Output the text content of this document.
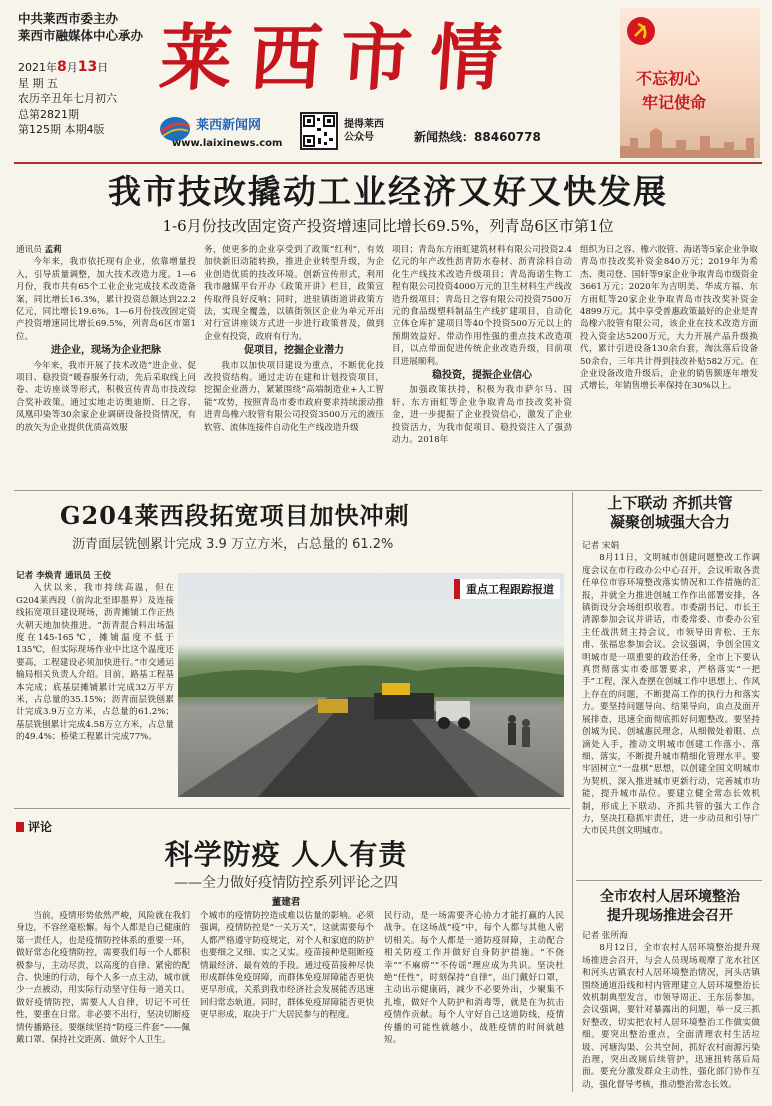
中共莱西市委主办
莱西市融媒体中心承办
2021年8月13日
星 期 五
农历辛丑年七月初六
总第2821期
第125期 本期4版
莱西市情
莱西新闻网
www.laixinews.com
提得莱西
公众号	新闻热线：88460778
不忘初心
牢记使命
我市技改撬动工业经济又好又快发展
1-6月份技改固定资产投资增速同比增长69.5%，列青岛6区市第1位
通讯员 孟莉
今年来，我市依托现有企业，依靠增量投入，引导质量调整，加大技术改造力度。1—6月份，我市共有65个工业企业完成技术改造备案，同比增长16.3%，累计投资总额达到22.2亿元，同比增长19.6%。1—6月份技改固定资产投资增速同比增长69.5%，列青岛6区市第1位。
进企业，现场为企业把脉
今年来，我市开展了技术改造“进企业、促项目、稳投资”暖春服务行动，先后采取线上问卷、走访座谈等形式，积极宣传青岛市技改综合奖补政策。通过实地走访奥迪斯、日之容、凤凰印染等30余家企业调研设备投资情况，有的放矢为企业提供优质高效服
务，使更多的企业享受到了政策“红利”，有效加快新旧动能转换，推进企业转型升级，为企业创造优质的技改环境。创新宣传形式，利用我市融媒平台开办《政策开讲》栏目，政策宣传取得良好反响；同时，进驻镇街道讲政策方法，实现全覆盖，以镇街领区企业为单元开出对行宣讲座谈方式进一步进行政策普及，做到企业有投资，政府有行为。
促项目，挖掘企业潜力
我市以加快项目建设为重点，不断优化技改投资结构。通过走访在建和计划投资项目，挖掘企业潜力，紧紧围绕“高端制造业+人工智能”攻势，按照青岛市委市政府要求持续滚动推进青岛橡六胶管有限公司投资3500万元的液压软管、流体连接件自动化生产线改造升级
项目；青岛东方雨虹建筑材料有限公司投资2.4亿元的年产改性沥青防水卷材、沥青涂料自动化生产线技术改造升级项目；青岛海诺生物工程有限公司投资4000万元的卫生材料生产线改造升级项目；青岛日之容有限公司投资7500万元的食品级塑料制品生产线扩建项目，自动化立体仓库扩建项目等40个投资500万元以上的预期效益好、带动作用性强的重点技术改造项目，以点带面促进传统企业改造升级，目前项目进展顺利。
稳投资，提振企业信心
加强政策扶持，积极为我市萨尔马、国轩、东方雨虹等企业争取青岛市技改奖补资金，进一步提振了企业投资信心，激发了企业投资活力，为我市促项目、稳投资注入了强劲动力。2018年
组织为日之容、橡六胶管、海诺等5家企业争取青岛市技改奖补资金840万元；2019年为希杰、奥司登、国轩等9家企业争取青岛市级资金3661万元；2020年为吉明美、华成方福、东方雨虹等20家企业争取青岛市技改奖补资金4899万元。其中享受普惠政策最好的企业是青岛橡六胶管有限公司，该企业在技术改造方面投入资金达5200万元，大力开展产品升级换代，累计引进设备130余台套，淘汰落后设备50余台，三年共计得到技改补贴582万元。在企业设备改造升级后，企业的销售额逐年增发式增长，年销售增长率保持在30%以上。
G204莱西段拓宽项目加快冲刺
沥青面层铣刨累计完成 3.9 万立方米，占总量的 61.2%
记者 李焕青 通讯员 王佼
入伏以来，我市持续高温，但在G204莱西段（前沟北至即墨界）及连接线拓宽项目建设现场，沥青摊铺工作正热火朝天地加快推进。“沥青混合料出场温度在145-165℃，摊铺温度不低于135℃，但实际现场作业中比这个温度还要高，工程建设必须加快进行。”市交通运输局相关负责人介绍。目前，路基工程基本完成；底基层摊铺累计完成32万平方米，占总量的35.15%；沥青面层铣刨累计完成3.9万立方米，占总量的61.2%；基层铣刨累计完成4.58万立方米，占总量的49.4%；桥梁工程累计完成77%。
重点工程跟踪报道
上下联动 齐抓共管
凝聚创城强大合力
记者 宋娟
8月11日，文明城市创建问题整改工作调度会议在市行政办公中心召开，会议听取各责任单位市容环境整改落实情况和工作措施的汇报，并就全力推进创城工作作出部署安排，各镇街设分会场组织收看。市委副书记、市长王清源参加会议并讲话，市委常委、市委办公室主任战洪贤主持会议，市领导田青松、王东甫、张福忠参加会议。会议强调，争创全国文明城市是一项重要的政治任务，全市上下要认真贯彻落实市委部署要求，严格落实“一把手”工程，深入查摆在创城工作中思想上、作风上存在的问题，不断提高工作的执行力和落实力。要坚持问题导向、结果导向，由点及面开展排查，迅速全面彻底抓好问题整改。要坚持创城为民、创城惠民理念，从细微处着眼、点滴处入手，推动文明城市创建工作落小、落细、落实，不断提升城市精细化管理水平。要牢固树立“一盘棋”思想，以创建全国文明城市为契机，深入推进城市更新行动，完善城市功能，提升城市品位。要建立健全常态长效机制，形成上下联动、齐抓共管的强大工作合力，坚决扛稳抓牢责任，进一步动员和引导广大市民共创文明城市。
全市农村人居环境整治
提升现场推进会召开
记者 张所海
8月12日，全市农村人居环境整治提升现场推进会召开，与会人员现场观摩了龙水社区和河头店镇农村人居环境整治情况，河头店镇围绕通道沿线和村内管理建立人居环境整治长效机制典型发言，市领导周正、王东岳参加。会议强调，要针对暴露出的问题，举一反三抓好整改，切实把农村人居环境整治工作做实做细。要突出整治重点，全面清理农村生活垃圾、河塘沟渠、公共空间，抓好农村面源污染治理，突出改厕后续管护，迅速扭转落后局面。要充分激发群众主动性，强化部门协作互动，强化督导考核，推动整治常态长效。
评论
科学防疫 人人有责
——全力做好疫情防控系列评论之四
董建君
当前，疫情形势依然严峻，风险就在我们身边，不容丝毫松懈。每个人都是自己健康的第一责任人，也是疫情防控体系的重要一环，做好常态化疫情防控，需要我们每一个人都积极参与，主动尽责，以高度的自律、紧密的配合、快速的行动，每个人多一点主动，城市就少一点被动，用实际行动坚守住每一道关口。做好疫情防控，需要人人自律，切记不可任性，要重在日常。非必要不出行，坚决切断疫情传播路径。要继续坚持“防疫三件套”——佩戴口罩、保持社交距离、做好个人卫生。
个城市的疫情防控造成难以估量的影响。必须强调，疫情防控是“一关万关”，这就需要每个人都严格遵守防疫规定，对个人和家庭的防护也要细之又细、实之又实。疫苗接种是阻断疫情最经济、最有效的手段。通过疫苗接种尽快形成群体免疫屏障，而群体免疫屏障能否更快更早形成，关系到我市经济社会发展能否迅速回归常态轨道。同时，群体免疫屏障能否更快更早形成，取决于广大居民参与的程度。
民行动，是一场需要齐心协力才能打赢的人民战争。在这场战“疫”中，每个人都与其他人密切相关。每个人都是一道防疫屏障，主动配合相关防疫工作并做好自身防护措施。“不侥幸”“不麻痹”“不传谣”理应成为共识。坚决杜绝“任性”，时刻保持“自律”，出门戴好口罩，主动出示健康码，减少不必要外出，少聚集不扎堆，做好个人防护和消毒等，就是在为抗击疫情作贡献。每个人守好自己这道防线，疫情传播的可能性就越小，战胜疫情的时间就越短。
